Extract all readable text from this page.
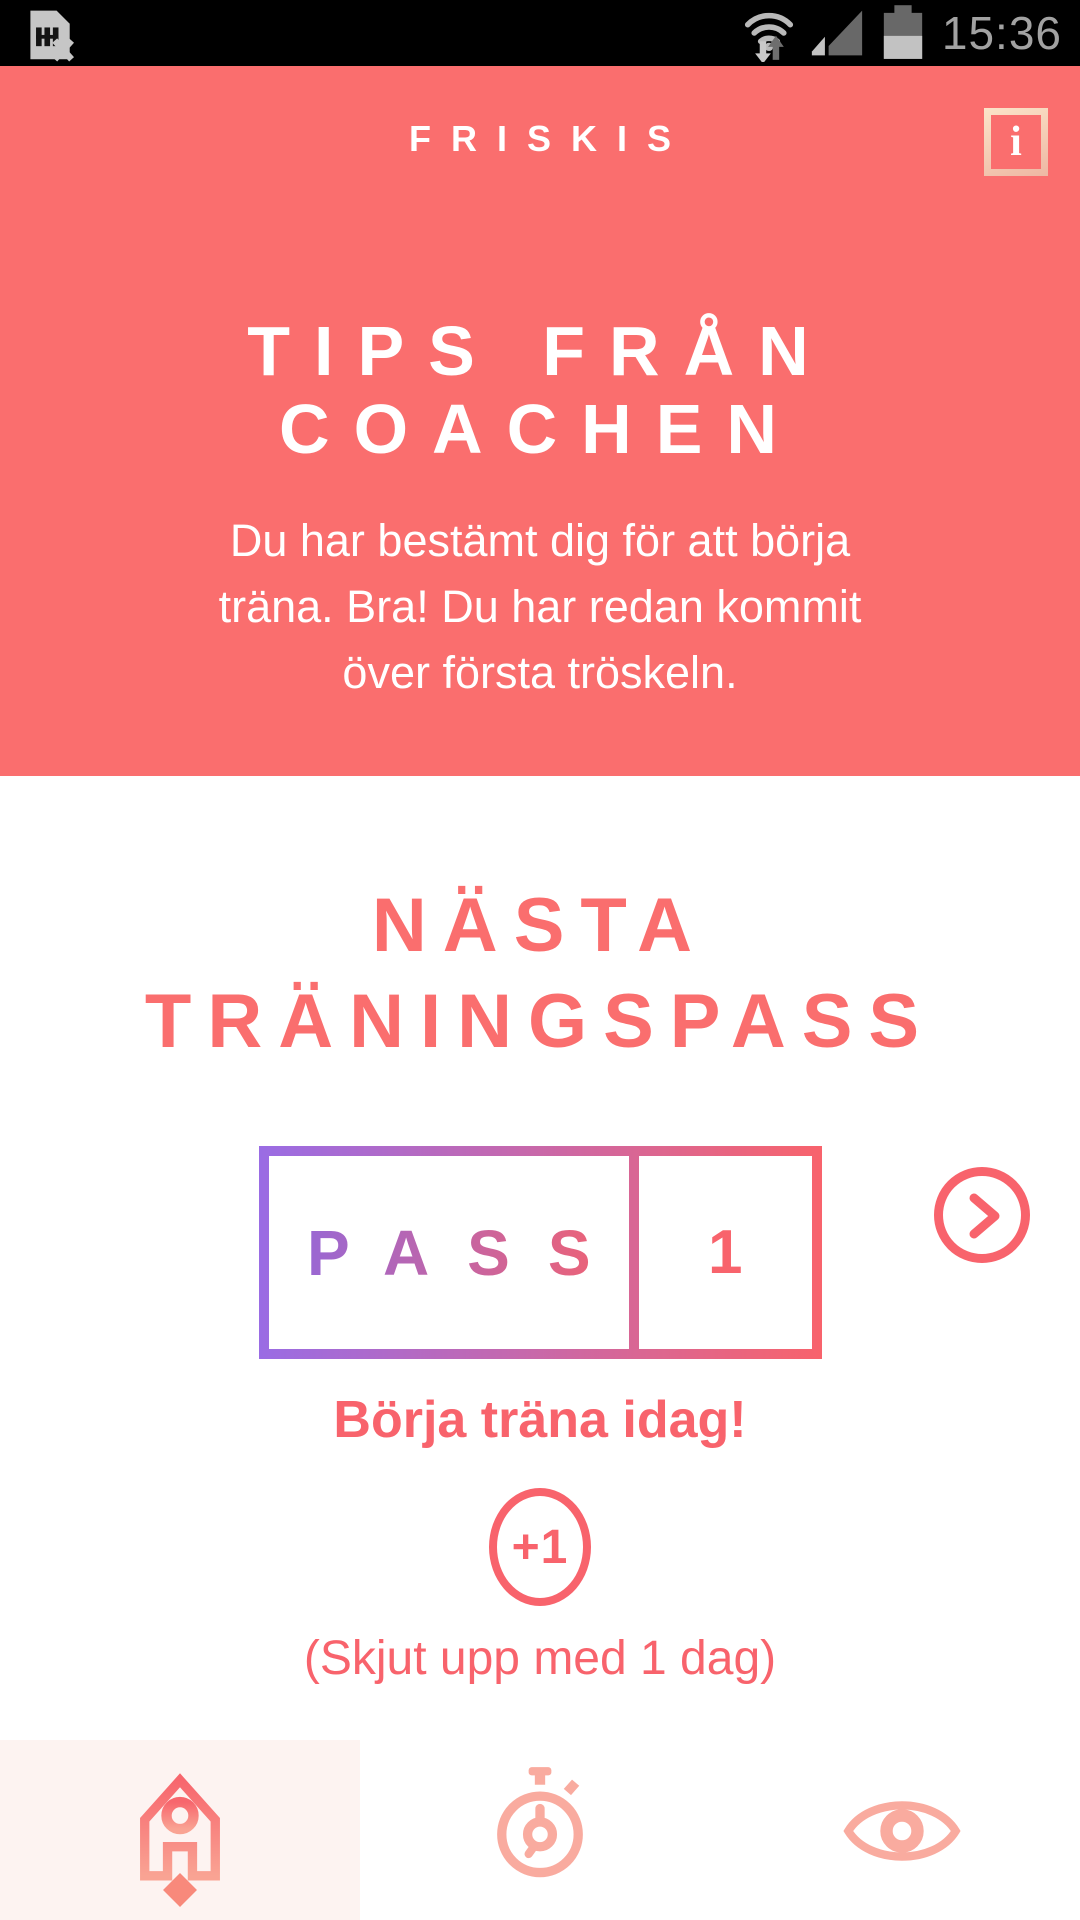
15:36
FRISKIS	i
TIPS FRÅN
COACHEN
Du har bestämt dig för att börja
träna. Bra! Du har redan kommit
över första tröskeln.
NÄSTA
TRÄNINGSPASS
PASS 1
Börja träna idag!
+1
(Skjut upp med 1 dag)
